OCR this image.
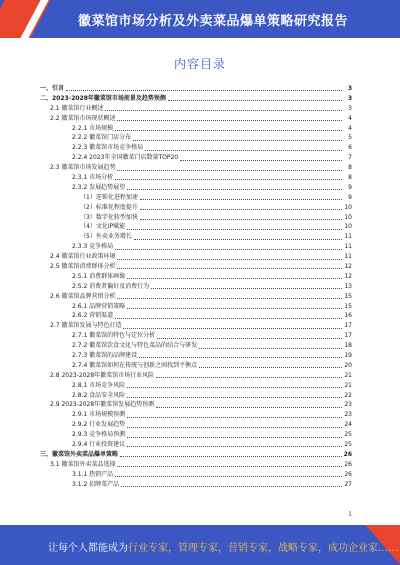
徽菜馆市场分析及外卖菜品爆单策略研究报告
内容目录
一、引言	3
二、2023-2028年徽菜馆市场前景及趋势预测	3
2.1 徽菜馆行业概述	3
2.2 徽菜馆市场现状概述	4
2.2.1 市场规模	4
2.2.2 徽菜馆门店分布	5
2.2.3 徽菜馆市场竞争格局	6
2.2.4 2023年全国徽菜门店数量TOP20	7
2.3 徽菜馆市场发展趋势	8
2.3.1 市场分析	8
2.3.2 发展趋势展望	9
（1）连锁化进程加速	9
（2）标准化程度提升	10
（3）数字化转型加快	10
（4）文化IP赋能	10
（5）外卖业务增长	11
2.3.3 竞争格局	11
2.4 徽菜馆行业政策环境	11
2.5 徽菜馆消费群体分析	12
2.5.1 消费群体画像	12
2.5.2 消费者偏好及消费行为	13
2.6 徽菜馆品牌营销分析	15
2.6.1 品牌营销策略	15
2.6.2 营销渠道	16
2.7 徽菜馆发展与特色打造	17
2.7.1 徽菜馆的特色与定位分析	17
2.7.2 徽菜馆饮食文化与特色菜品的结合与研发	18
2.7.3 徽菜馆的品牌建设	19
2.7.4 徽菜馆如何在传统与创新之间找到平衡点	20
2.8 2023-2028年徽菜馆市场行业风险	21
2.8.1 市场竞争风险	21
2.8.2 食品安全风险	22
2.9 2023-2028年徽菜馆发展趋势预测	23
2.9.1 市场规模预测	23
2.9.2 行业发展趋势	24
2.9.3 竞争格局预测	25
2.9.4 行业投资建议	25
三、徽菜馆外卖菜品爆单策略	26
3.1 徽菜馆外卖菜品选择	26
3.1.1 热销产品	26
3.1.2 招牌菜产品	27
1
让每个人都能成为 行业专家，管理专家，营销专家，战略专家，成功企业家……
